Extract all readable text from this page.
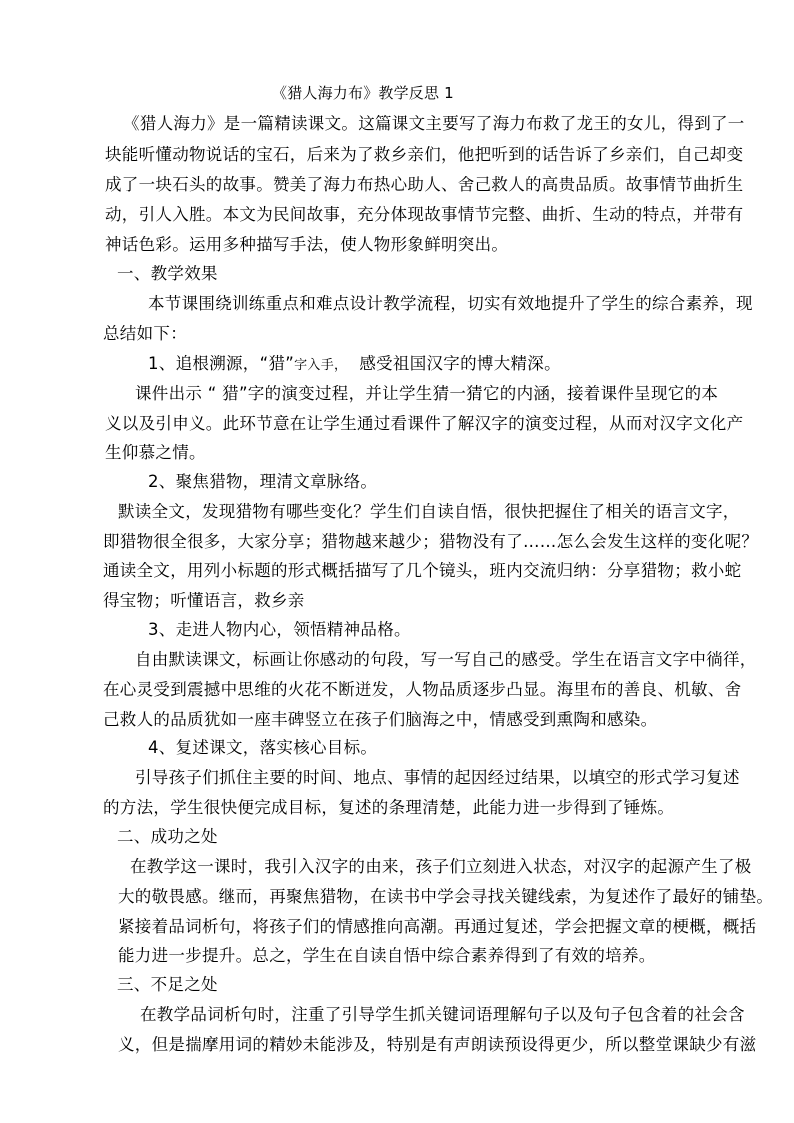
《猎人海力布》教学反思 1
《猎人海力》是一篇精读课文。这篇课文主要写了海力布救了龙王的女儿，得到了一
块能听懂动物说话的宝石，后来为了救乡亲们，他把听到的话告诉了乡亲们，自己却变
成了一块石头的故事。赞美了海力布热心助人、舍己救人的高贵品质。故事情节曲折生
动，引人入胜。本文为民间故事，充分体现故事情节完整、曲折、生动的特点，并带有
神话色彩。运用多种描写手法，使人物形象鲜明突出。
一、教学效果
本节课围绕训练重点和难点设计教学流程，切实有效地提升了学生的综合素养，现
总结如下：
1、追根溯源，“猎”字入手， 感受祖国汉字的博大精深。
课件出示 “ 猎”字的演变过程，并让学生猜一猜它的内涵，接着课件呈现它的本
义以及引申义。此环节意在让学生通过看课件了解汉字的演变过程，从而对汉字文化产
生仰慕之情。
2、聚焦猎物，理清文章脉络。
默读全文，发现猎物有哪些变化？学生们自读自悟，很快把握住了相关的语言文字，
即猎物很全很多，大家分享；猎物越来越少；猎物没有了……怎么会发生这样的变化呢？
通读全文，用列小标题的形式概括描写了几个镜头，班内交流归纳：分享猎物；救小蛇
得宝物；听懂语言，救乡亲
3、走进人物内心，领悟精神品格。
自由默读课文，标画让你感动的句段，写一写自己的感受。学生在语言文字中徜徉，
在心灵受到震撼中思维的火花不断迸发，人物品质逐步凸显。海里布的善良、机敏、舍
己救人的品质犹如一座丰碑竖立在孩子们脑海之中，情感受到熏陶和感染。
4、复述课文，落实核心目标。
引导孩子们抓住主要的时间、地点、事情的起因经过结果，以填空的形式学习复述
的方法，学生很快便完成目标，复述的条理清楚，此能力进一步得到了锤炼。
二、成功之处
在教学这一课时，我引入汉字的由来，孩子们立刻进入状态，对汉字的起源产生了极
大的敬畏感。继而，再聚焦猎物，在读书中学会寻找关键线索，为复述作了最好的铺垫。
紧接着品词析句，将孩子们的情感推向高潮。再通过复述，学会把握文章的梗概，概括
能力进一步提升。总之，学生在自读自悟中综合素养得到了有效的培养。
三、不足之处
在教学品词析句时，注重了引导学生抓关键词语理解句子以及句子包含着的社会含
义，但是揣摩用词的精妙未能涉及，特别是有声朗读预设得更少，所以整堂课缺少有滋
